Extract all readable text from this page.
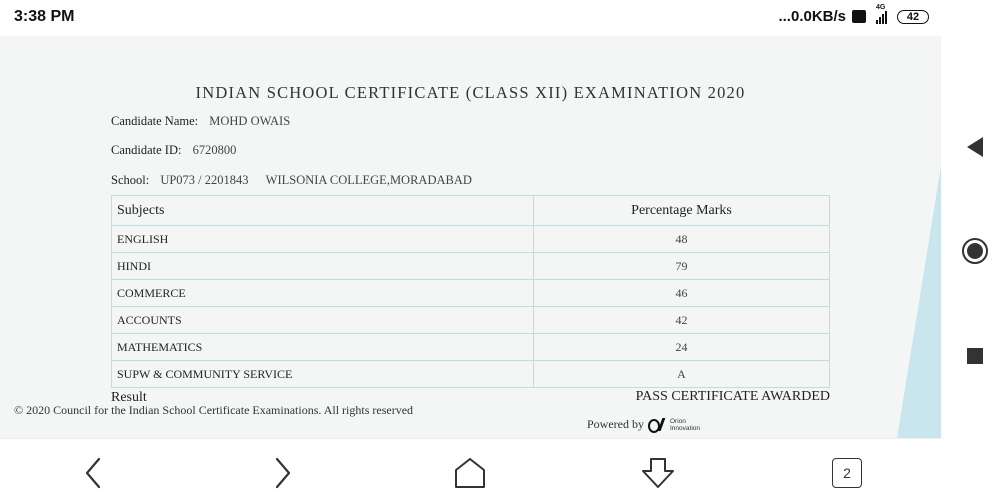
3:38 PM	...0.0KB/s
4G
42
INDIAN SCHOOL CERTIFICATE (CLASS XII) EXAMINATION 2020
Candidate Name: MOHD OWAIS
Candidate ID: 6720800
School: UP073 / 2201843 WILSONIA COLLEGE,MORADABAD
Subjects	Percentage Marks
ENGLISH	48
HINDI	79
COMMERCE	46
ACCOUNTS	42
MATHEMATICS	24
SUPW & COMMUNITY SERVICE	A
Result	PASS CERTIFICATE AWARDED
© 2020 Council for the Indian School Certificate Examinations. All rights reserved
Powered by	Orion
Innovation
2
